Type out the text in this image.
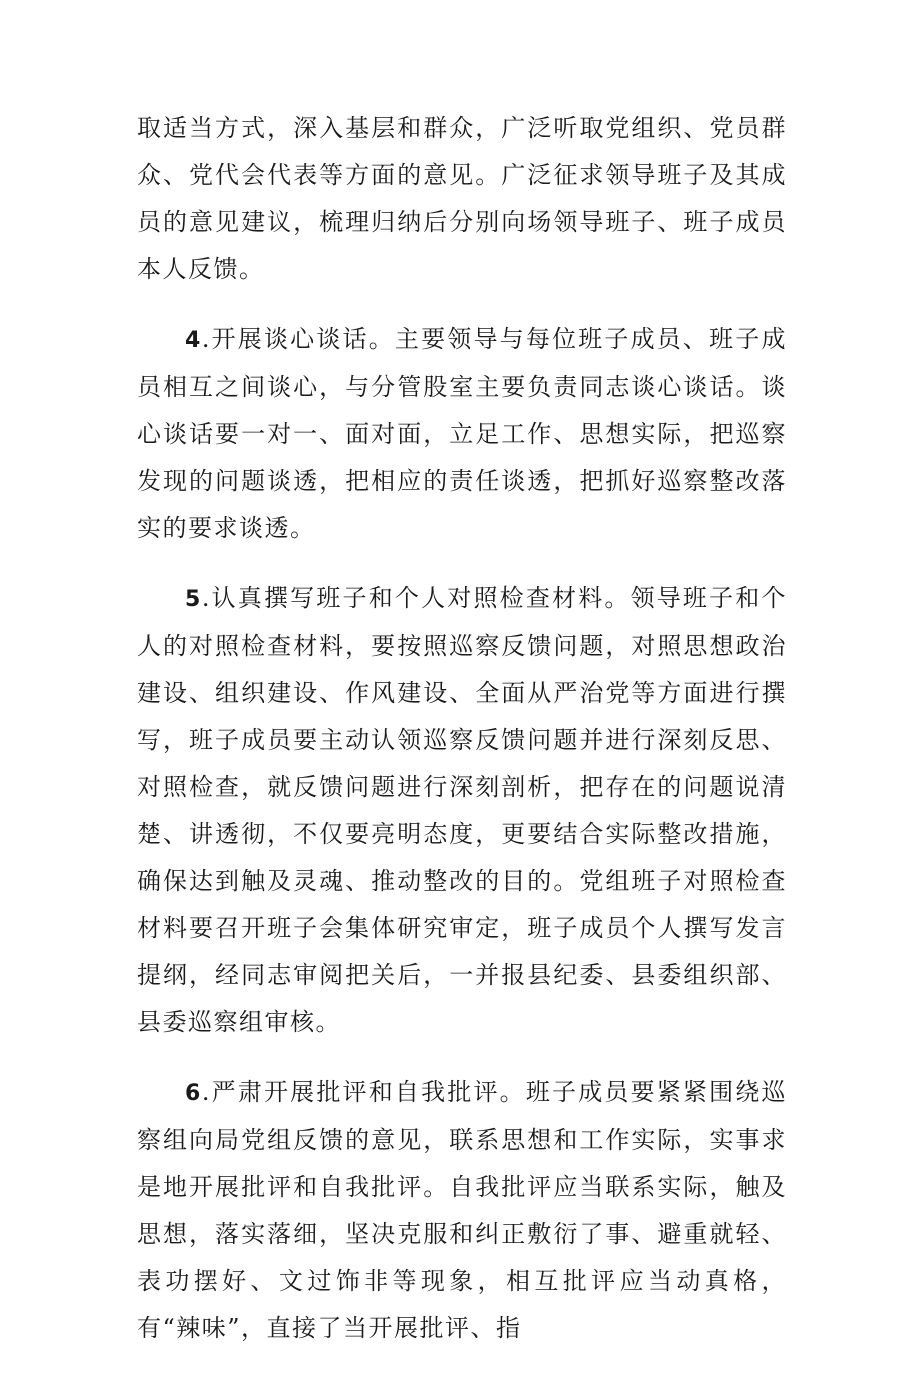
取适当方式，深入基层和群众，广泛听取党组织、党员群众、党代会代表等方面的意见。广泛征求领导班子及其成员的意见建议，梳理归纳后分别向场领导班子、班子成员本人反馈。

4.开展谈心谈话。主要领导与每位班子成员、班子成员相互之间谈心，与分管股室主要负责同志谈心谈话。谈心谈话要一对一、面对面，立足工作、思想实际，把巡察发现的问题谈透，把相应的责任谈透，把抓好巡察整改落实的要求谈透。

5.认真撰写班子和个人对照检查材料。领导班子和个人的对照检查材料，要按照巡察反馈问题，对照思想政治建设、组织建设、作风建设、全面从严治党等方面进行撰写，班子成员要主动认领巡察反馈问题并进行深刻反思、对照检查，就反馈问题进行深刻剖析，把存在的问题说清楚、讲透彻，不仅要亮明态度，更要结合实际整改措施，确保达到触及灵魂、推动整改的目的。党组班子对照检查材料要召开班子会集体研究审定，班子成员个人撰写发言提纲，经同志审阅把关后，一并报县纪委、县委组织部、县委巡察组审核。

6.严肃开展批评和自我批评。班子成员要紧紧围绕巡察组向局党组反馈的意见，联系思想和工作实际，实事求是地开展批评和自我批评。自我批评应当联系实际，触及思想，落实落细，坚决克服和纠正敷衍了事、避重就轻、表功摆好、文过饰非等现象，相互批评应当动真格，有“辣味”，直接了当开展批评、指
